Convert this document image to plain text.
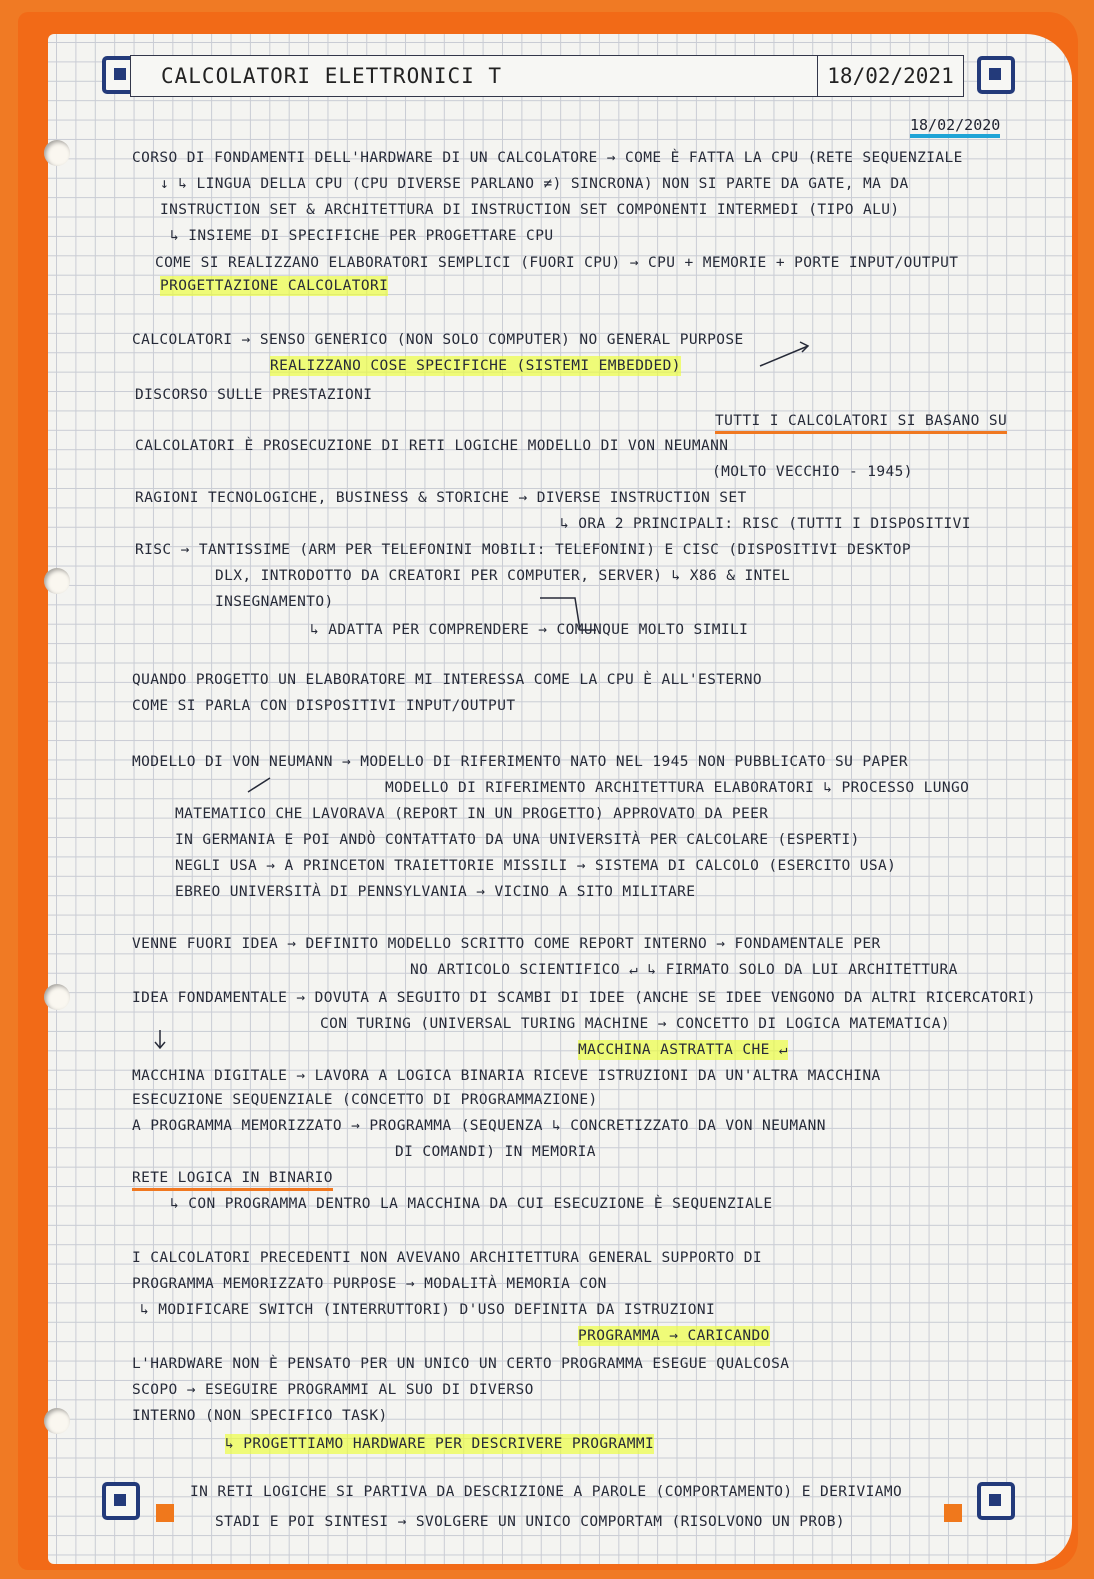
CALCOLATORI ELETTRONICI T	18/02/2021
18/02/2020
CORSO DI FONDAMENTI DELL'HARDWARE DI UN CALCOLATORE → COME È FATTA LA CPU (RETE SEQUENZIALE
↓ ↳ LINGUA DELLA CPU (CPU DIVERSE PARLANO ≠) SINCRONA) NON SI PARTE DA GATE, MA DA
INSTRUCTION SET & ARCHITETTURA DI INSTRUCTION SET COMPONENTI INTERMEDI (TIPO ALU)
↳ INSIEME DI SPECIFICHE PER PROGETTARE CPU
COME SI REALIZZANO ELABORATORI SEMPLICI (FUORI CPU) → CPU + MEMORIE + PORTE INPUT/OUTPUT
PROGETTAZIONE CALCOLATORI
CALCOLATORI → SENSO GENERICO (NON SOLO COMPUTER) NO GENERAL PURPOSE
REALIZZANO COSE SPECIFICHE (SISTEMI EMBEDDED)
DISCORSO SULLE PRESTAZIONI
TUTTI I CALCOLATORI SI BASANO SU
CALCOLATORI È PROSECUZIONE DI RETI LOGICHE MODELLO DI VON NEUMANN
(MOLTO VECCHIO - 1945)
RAGIONI TECNOLOGICHE, BUSINESS & STORICHE → DIVERSE INSTRUCTION SET
↳ ORA 2 PRINCIPALI: RISC (TUTTI I DISPOSITIVI
RISC → TANTISSIME (ARM PER TELEFONINI MOBILI: TELEFONINI) E CISC (DISPOSITIVI DESKTOP
DLX, INTRODOTTO DA CREATORI PER COMPUTER, SERVER) ↳ X86 & INTEL
INSEGNAMENTO)
↳ ADATTA PER COMPRENDERE → COMUNQUE MOLTO SIMILI
QUANDO PROGETTO UN ELABORATORE MI INTERESSA COME LA CPU È ALL'ESTERNO
COME SI PARLA CON DISPOSITIVI INPUT/OUTPUT
MODELLO DI VON NEUMANN → MODELLO DI RIFERIMENTO NATO NEL 1945 NON PUBBLICATO SU PAPER
MODELLO DI RIFERIMENTO ARCHITETTURA ELABORATORI ↳ PROCESSO LUNGO
MATEMATICO CHE LAVORAVA (REPORT IN UN PROGETTO) APPROVATO DA PEER
IN GERMANIA E POI ANDÒ CONTATTATO DA UNA UNIVERSITÀ PER CALCOLARE (ESPERTI)
NEGLI USA → A PRINCETON TRAIETTORIE MISSILI → SISTEMA DI CALCOLO (ESERCITO USA)
EBREO UNIVERSITÀ DI PENNSYLVANIA → VICINO A SITO MILITARE
VENNE FUORI IDEA → DEFINITO MODELLO SCRITTO COME REPORT INTERNO → FONDAMENTALE PER
NO ARTICOLO SCIENTIFICO ↵ ↳ FIRMATO SOLO DA LUI ARCHITETTURA
IDEA FONDAMENTALE → DOVUTA A SEGUITO DI SCAMBI DI IDEE (ANCHE SE IDEE VENGONO DA ALTRI RICERCATORI)
CON TURING (UNIVERSAL TURING MACHINE → CONCETTO DI LOGICA MATEMATICA)
MACCHINA ASTRATTA CHE ↵
MACCHINA DIGITALE → LAVORA A LOGICA BINARIA RICEVE ISTRUZIONI DA UN'ALTRA MACCHINA
ESECUZIONE SEQUENZIALE (CONCETTO DI PROGRAMMAZIONE)
A PROGRAMMA MEMORIZZATO → PROGRAMMA (SEQUENZA ↳ CONCRETIZZATO DA VON NEUMANN
DI COMANDI) IN MEMORIA
RETE LOGICA IN BINARIO
↳ CON PROGRAMMA DENTRO LA MACCHINA DA CUI ESECUZIONE È SEQUENZIALE
I CALCOLATORI PRECEDENTI NON AVEVANO ARCHITETTURA GENERAL SUPPORTO DI
PROGRAMMA MEMORIZZATO PURPOSE → MODALITÀ MEMORIA CON
↳ MODIFICARE SWITCH (INTERRUTTORI) D'USO DEFINITA DA ISTRUZIONI
PROGRAMMA → CARICANDO
L'HARDWARE NON È PENSATO PER UN UNICO UN CERTO PROGRAMMA ESEGUE QUALCOSA
SCOPO → ESEGUIRE PROGRAMMI AL SUO DI DIVERSO
INTERNO (NON SPECIFICO TASK)
↳ PROGETTIAMO HARDWARE PER DESCRIVERE PROGRAMMI
IN RETI LOGICHE SI PARTIVA DA DESCRIZIONE A PAROLE (COMPORTAMENTO) E DERIVIAMO
STADI E POI SINTESI → SVOLGERE UN UNICO COMPORTAM (RISOLVONO UN PROB)
